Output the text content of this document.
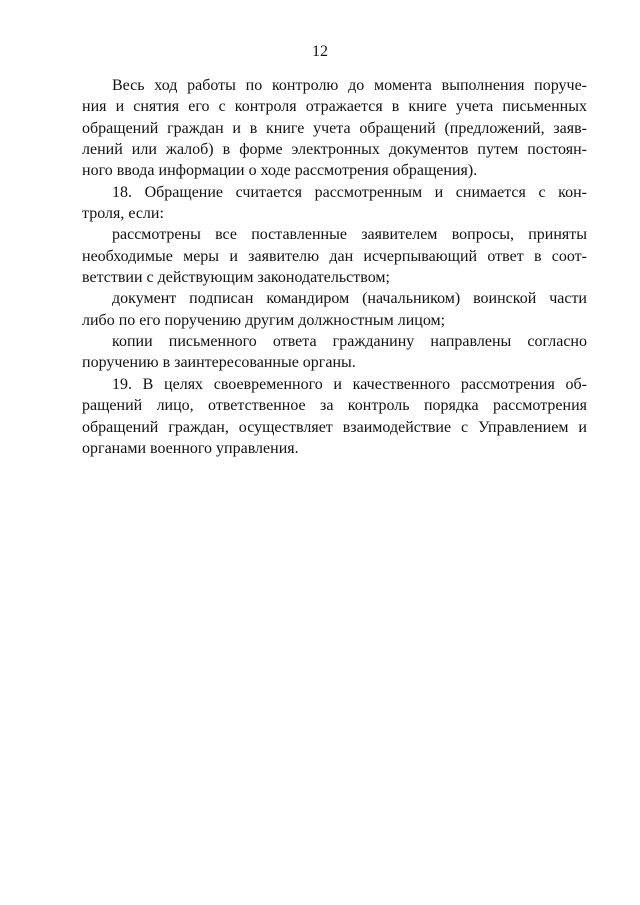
12
Весь ход работы по контролю до момента выполнения поруче-
ния и снятия его с контроля отражается в книге учета письменных
обращений граждан и в книге учета обращений (предложений, заяв-
лений или жалоб) в форме электронных документов путем постоян-
ного ввода информации о ходе рассмотрения обращения).
18. Обращение считается рассмотренным и снимается с кон-
троля, если:
рассмотрены все поставленные заявителем вопросы, приняты
необходимые меры и заявителю дан исчерпывающий ответ в соот-
ветствии с действующим законодательством;
документ подписан командиром (начальником) воинской части
либо по его поручению другим должностным лицом;
копии письменного ответа гражданину направлены согласно
поручению в заинтересованные органы.
19. В целях своевременного и качественного рассмотрения об-
ращений лицо, ответственное за контроль порядка рассмотрения
обращений граждан, осуществляет взаимодействие с Управлением и
органами военного управления.
